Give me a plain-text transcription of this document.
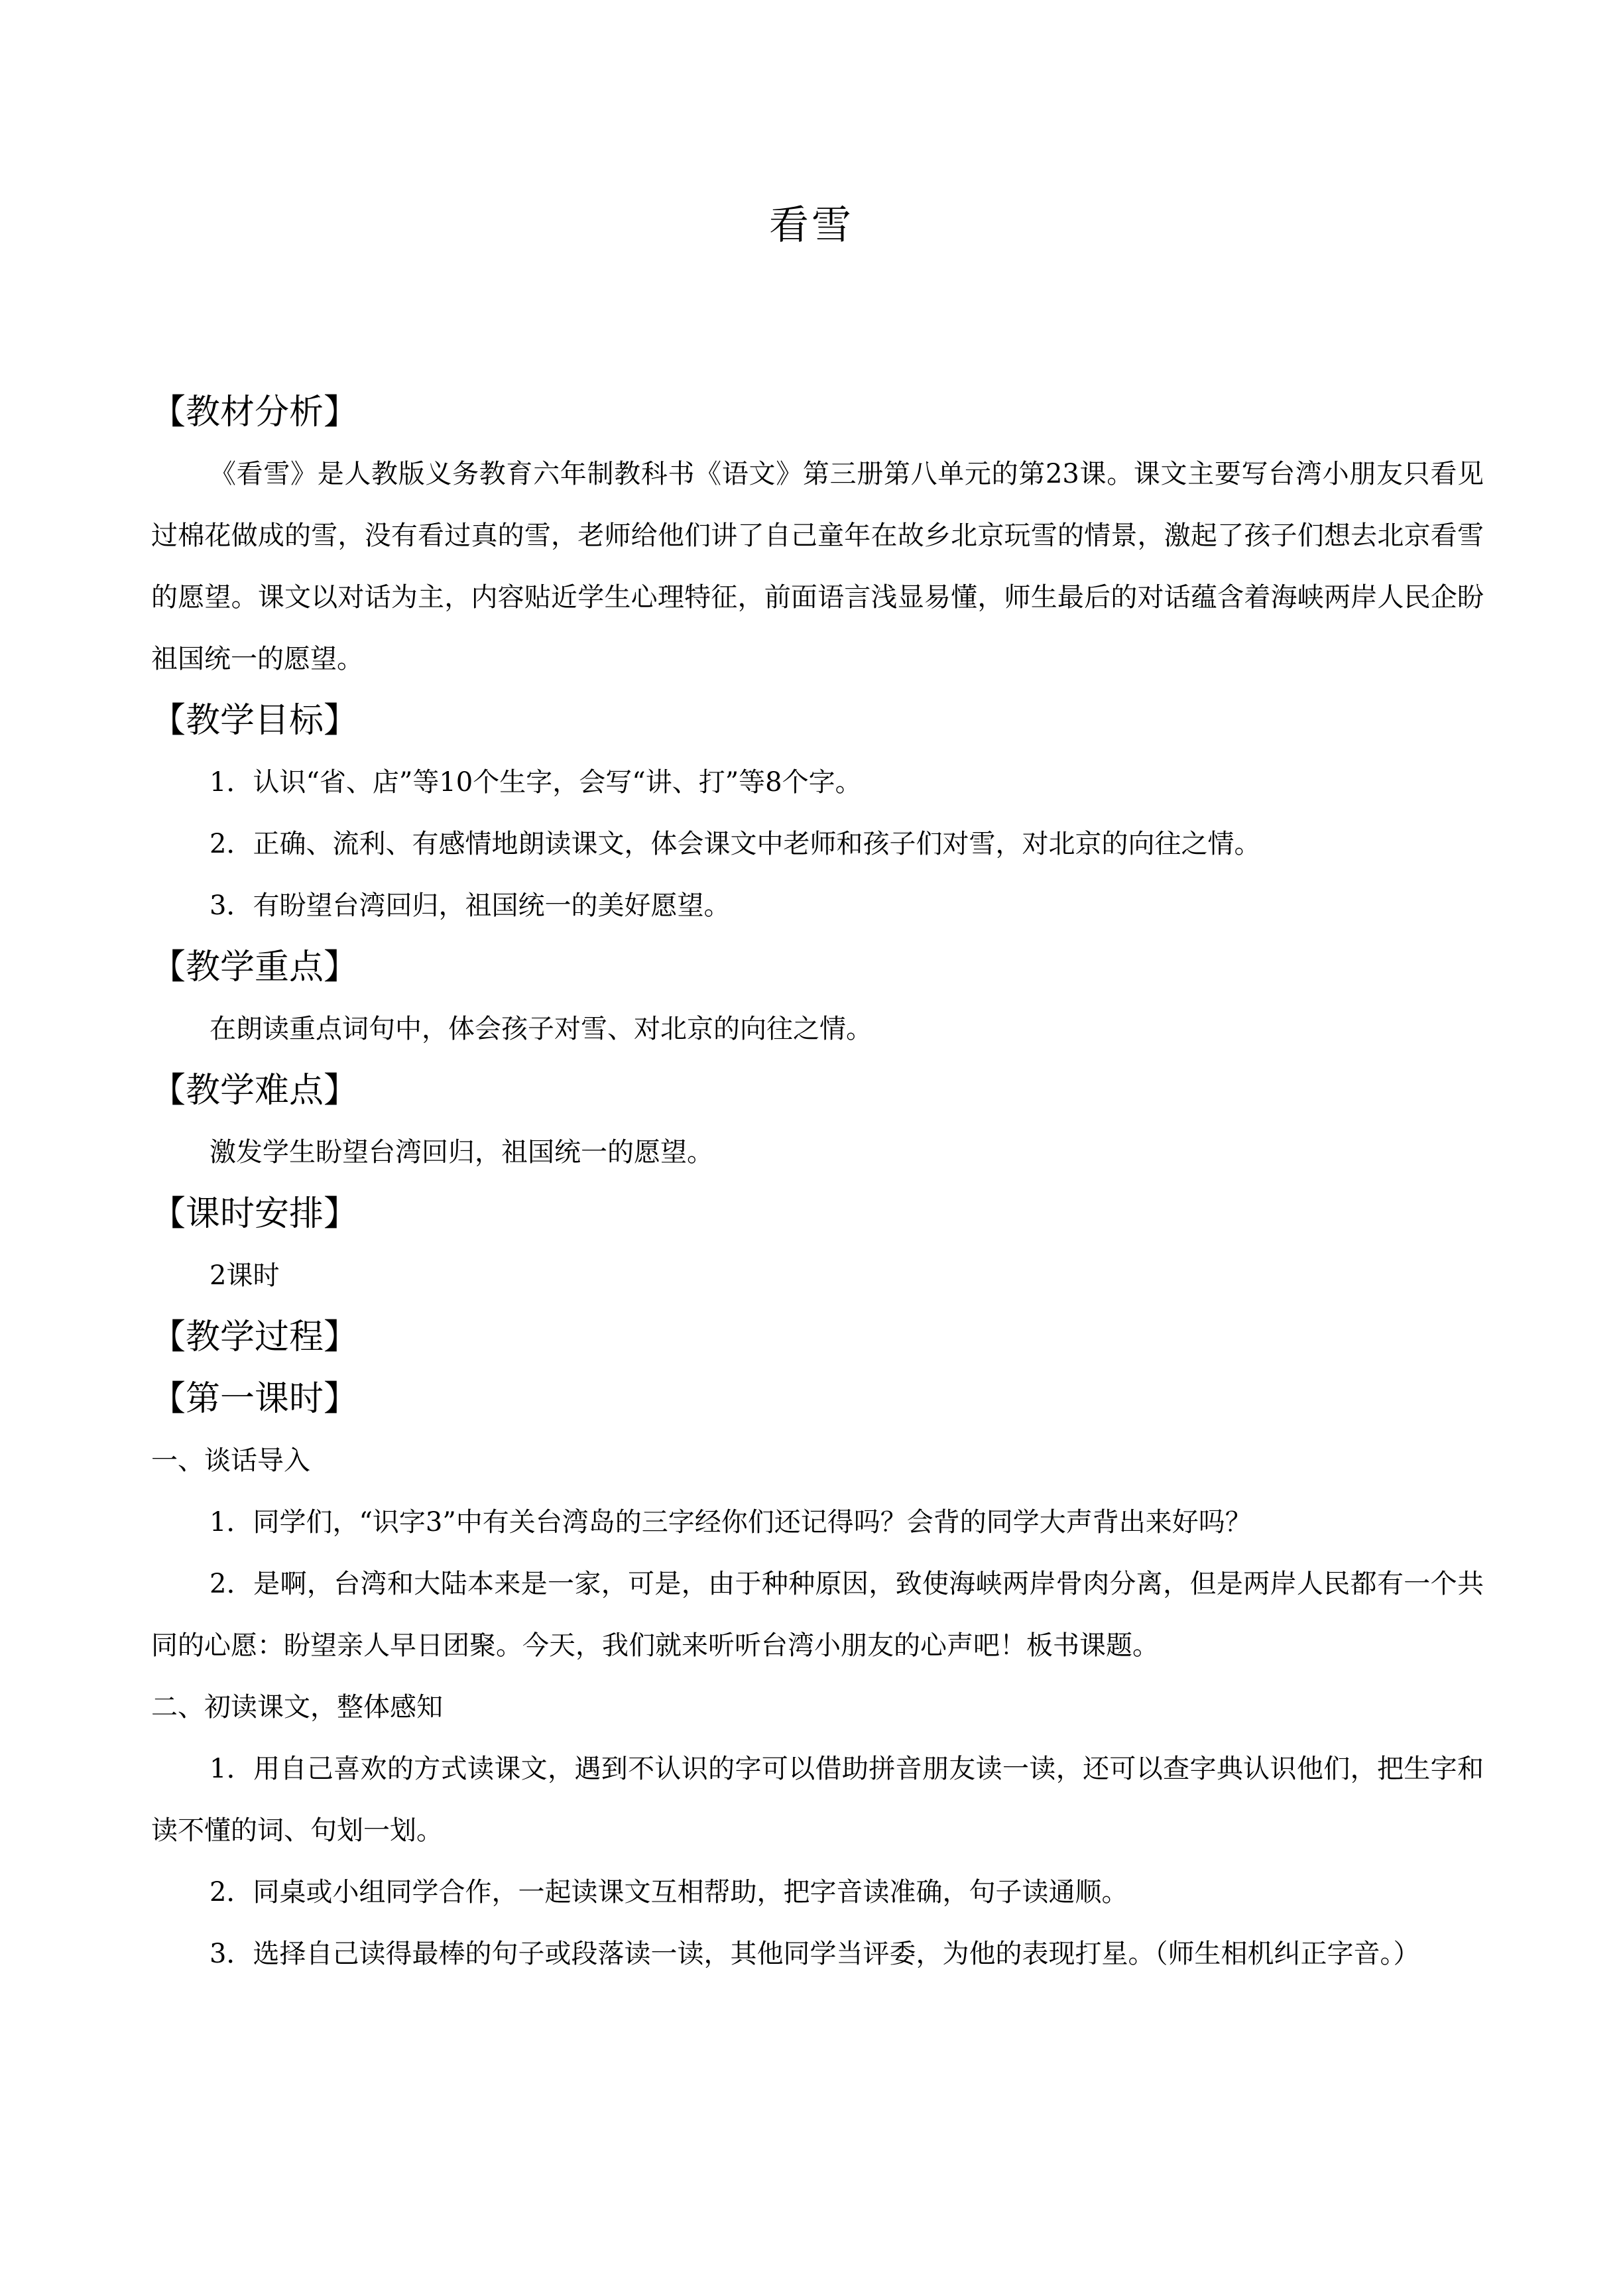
看雪

【教材分析】

《看雪》是人教版义务教育六年制教科书《语文》第三册第八单元的第23课。课文主要写台湾小朋友只看见过棉花做成的雪，没有看过真的雪，老师给他们讲了自己童年在故乡北京玩雪的情景，激起了孩子们想去北京看雪的愿望。课文以对话为主，内容贴近学生心理特征，前面语言浅显易懂，师生最后的对话蕴含着海峡两岸人民企盼祖国统一的愿望。

【教学目标】

1．认识“省、店”等10个生字，会写“讲、打”等8个字。

2．正确、流利、有感情地朗读课文，体会课文中老师和孩子们对雪，对北京的向往之情。

3．有盼望台湾回归，祖国统一的美好愿望。

【教学重点】

在朗读重点词句中，体会孩子对雪、对北京的向往之情。

【教学难点】

激发学生盼望台湾回归，祖国统一的愿望。

【课时安排】

2课时

【教学过程】

【第一课时】

一、谈话导入

1．同学们，“识字3”中有关台湾岛的三字经你们还记得吗？会背的同学大声背出来好吗？

2．是啊，台湾和大陆本来是一家，可是，由于种种原因，致使海峡两岸骨肉分离，但是两岸人民都有一个共同的心愿：盼望亲人早日团聚。今天，我们就来听听台湾小朋友的心声吧！板书课题。

二、初读课文，整体感知

1．用自己喜欢的方式读课文，遇到不认识的字可以借助拼音朋友读一读，还可以查字典认识他们，把生字和读不懂的词、句划一划。

2．同桌或小组同学合作，一起读课文互相帮助，把字音读准确，句子读通顺。

3．选择自己读得最棒的句子或段落读一读，其他同学当评委，为他的表现打星。（师生相机纠正字音。）
